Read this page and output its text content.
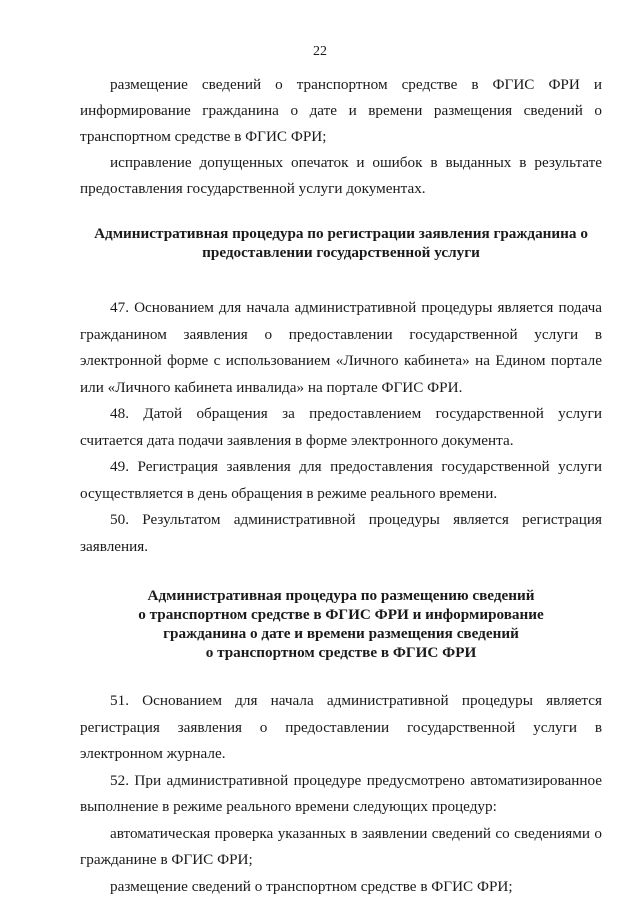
22

размещение сведений о транспортном средстве в ФГИС ФРИ и информирование гражданина о дате и времени размещения сведений о транспортном средстве в ФГИС ФРИ;

исправление допущенных опечаток и ошибок в выданных в результате предоставления государственной услуги документах.

Административная процедура по регистрации заявления гражданина о
предоставлении государственной услуги

47. Основанием для начала административной процедуры является подача гражданином заявления о предоставлении государственной услуги в электронной форме с использованием «Личного кабинета» на Едином портале или «Личного кабинета инвалида» на портале ФГИС ФРИ.

48. Датой обращения за предоставлением государственной услуги считается дата подачи заявления в форме электронного документа.

49. Регистрация заявления для предоставления государственной услуги осуществляется в день обращения в режиме реального времени.

50. Результатом административной процедуры является регистрация заявления.

Административная процедура по размещению сведений
о транспортном средстве в ФГИС ФРИ и информирование
гражданина о дате и времени размещения сведений
о транспортном средстве в ФГИС ФРИ

51. Основанием для начала административной процедуры является регистрация заявления о предоставлении государственной услуги в электронном журнале.

52. При административной процедуре предусмотрено автоматизированное выполнение в режиме реального времени следующих процедур:

автоматическая проверка указанных в заявлении сведений со сведениями о гражданине в ФГИС ФРИ;

размещение сведений о транспортном средстве в ФГИС ФРИ;
